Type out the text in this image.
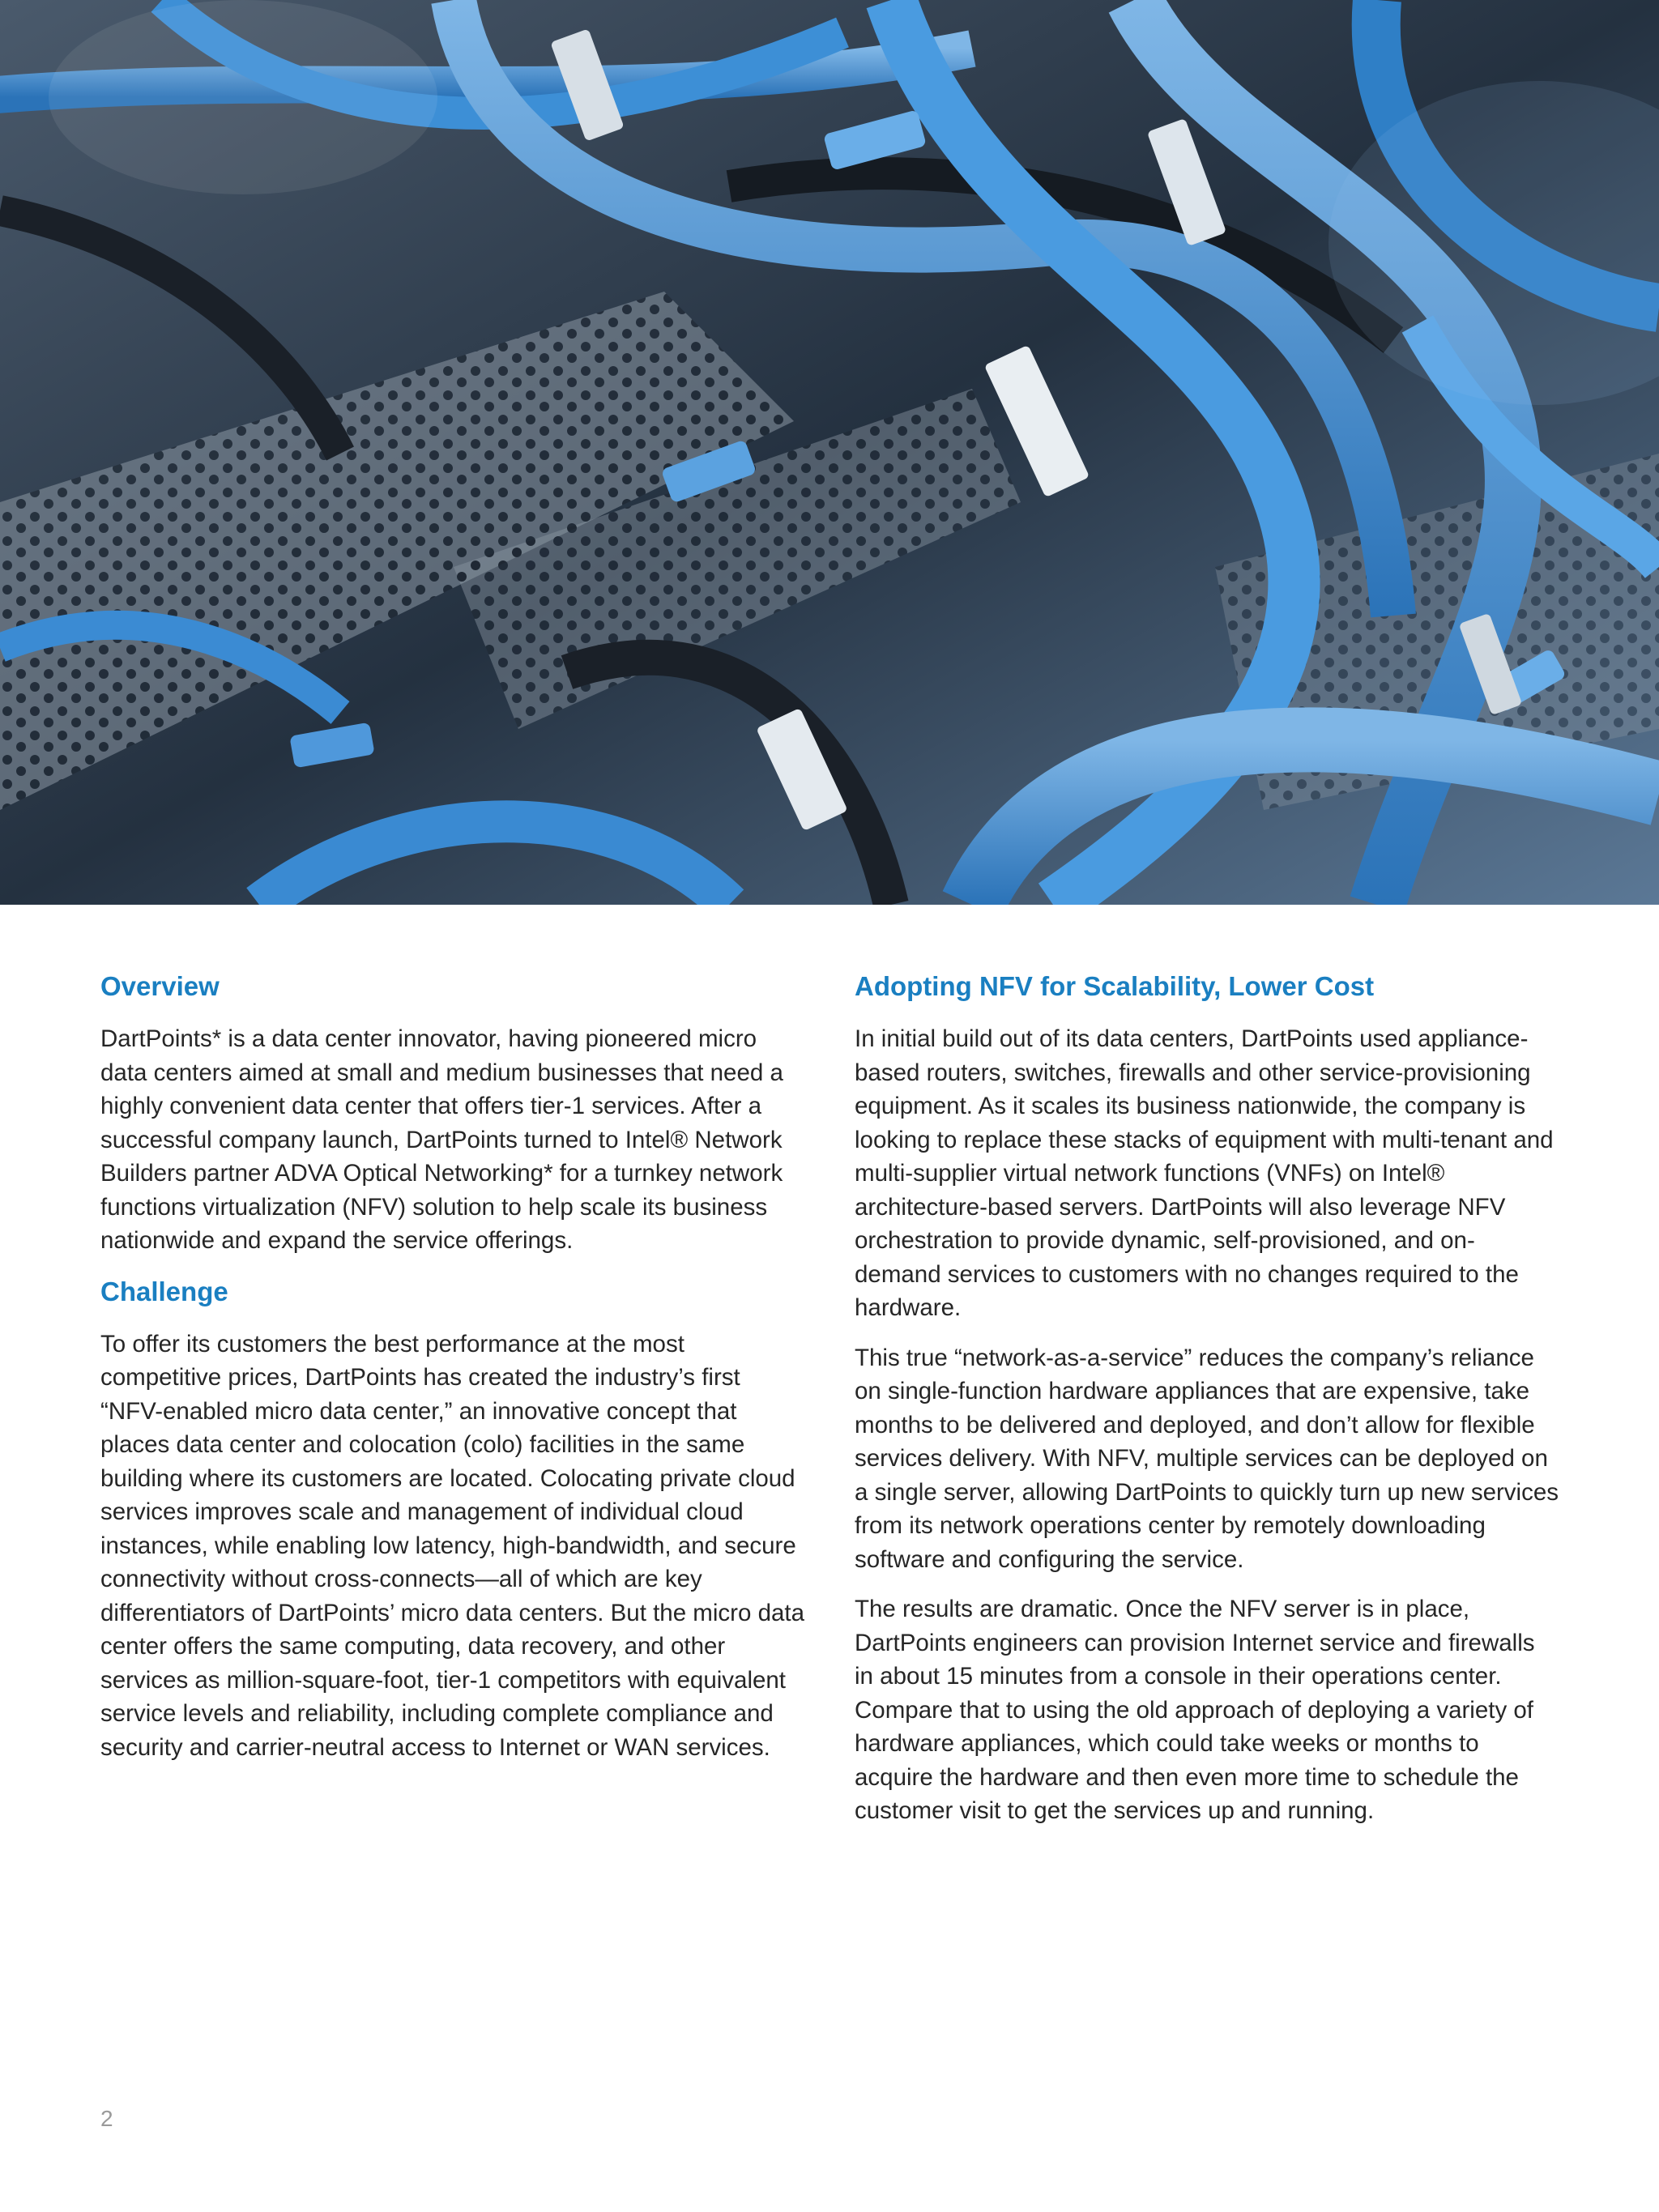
Overview

DartPoints* is a data center innovator, having pioneered micro data centers aimed at small and medium businesses that need a highly convenient data center that offers tier-1 services. After a successful company launch, DartPoints turned to Intel® Network Builders partner ADVA Optical Networking* for a turnkey network functions virtualization (NFV) solution to help scale its business nationwide and expand the service offerings.

Challenge

To offer its customers the best performance at the most competitive prices, DartPoints has created the industry’s first “NFV-enabled micro data center,” an innovative concept that places data center and colocation (colo) facilities in the same building where its customers are located. Colocating private cloud services improves scale and management of individual cloud instances, while enabling low latency, high-bandwidth, and secure connectivity without cross-connects—all of which are key differentiators of DartPoints’ micro data centers. But the micro data center offers the same computing, data recovery, and other services as million-square-foot, tier-1 competitors with equivalent service levels and reliability, including complete compliance and security and carrier-neutral access to Internet or WAN services.

Adopting NFV for Scalability, Lower Cost

In initial build out of its data centers, DartPoints used appliance-based routers, switches, firewalls and other service-provisioning equipment. As it scales its business nationwide, the company is looking to replace these stacks of equipment with multi-tenant and multi-supplier virtual network functions (VNFs) on Intel® architecture-based servers. DartPoints will also leverage NFV orchestration to provide dynamic, self-provisioned, and on-demand services to customers with no changes required to the hardware.

This true “network-as-a-service” reduces the company’s reliance on single-function hardware appliances that are expensive, take months to be delivered and deployed, and don’t allow for flexible services delivery. With NFV, multiple services can be deployed on a single server, allowing DartPoints to quickly turn up new services from its network operations center by remotely downloading software and configuring the service.

The results are dramatic. Once the NFV server is in place, DartPoints engineers can provision Internet service and firewalls in about 15 minutes from a console in their operations center. Compare that to using the old approach of deploying a variety of hardware appliances, which could take weeks or months to acquire the hardware and then even more time to schedule the customer visit to get the services up and running.

2
